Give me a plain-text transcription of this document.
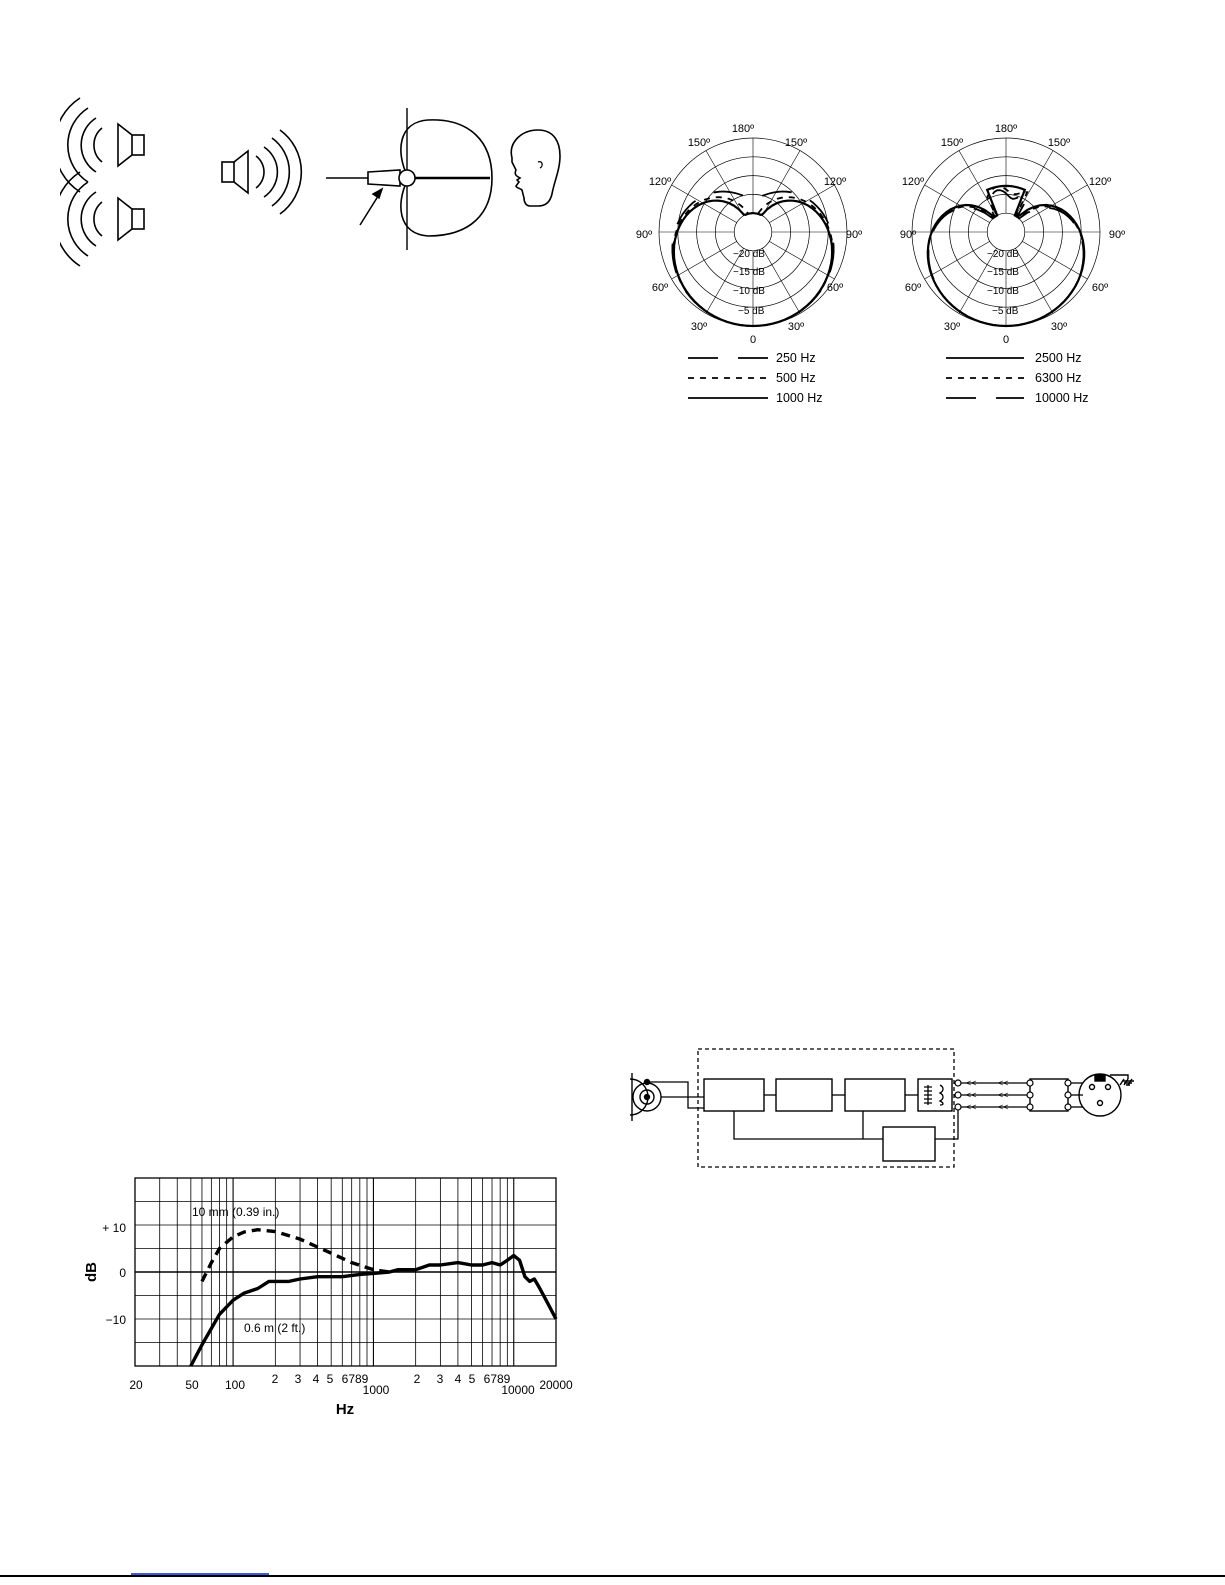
180º
150º	150º
120º	120º
90º	90º
60º	60º
30º	30º
0
−20 dB
−15 dB
−10 dB
−5 dB
180º
150º	150º
120º	120º
90º	90º
60º	60º
30º	30º
0
−20 dB
−15 dB
−10 dB
−5 dB
250 Hz
500 Hz
1000 Hz
2500 Hz
6300 Hz
10000 Hz
<<
<<
<<
<<
<<
<<
dB
+ 10
0
−10
20	50 100 2 3 4 5 6789
1000
2 3 4 5 6789
10000 20000
Hz
10 mm (0.39 in.)
0.6 m (2 ft.)
